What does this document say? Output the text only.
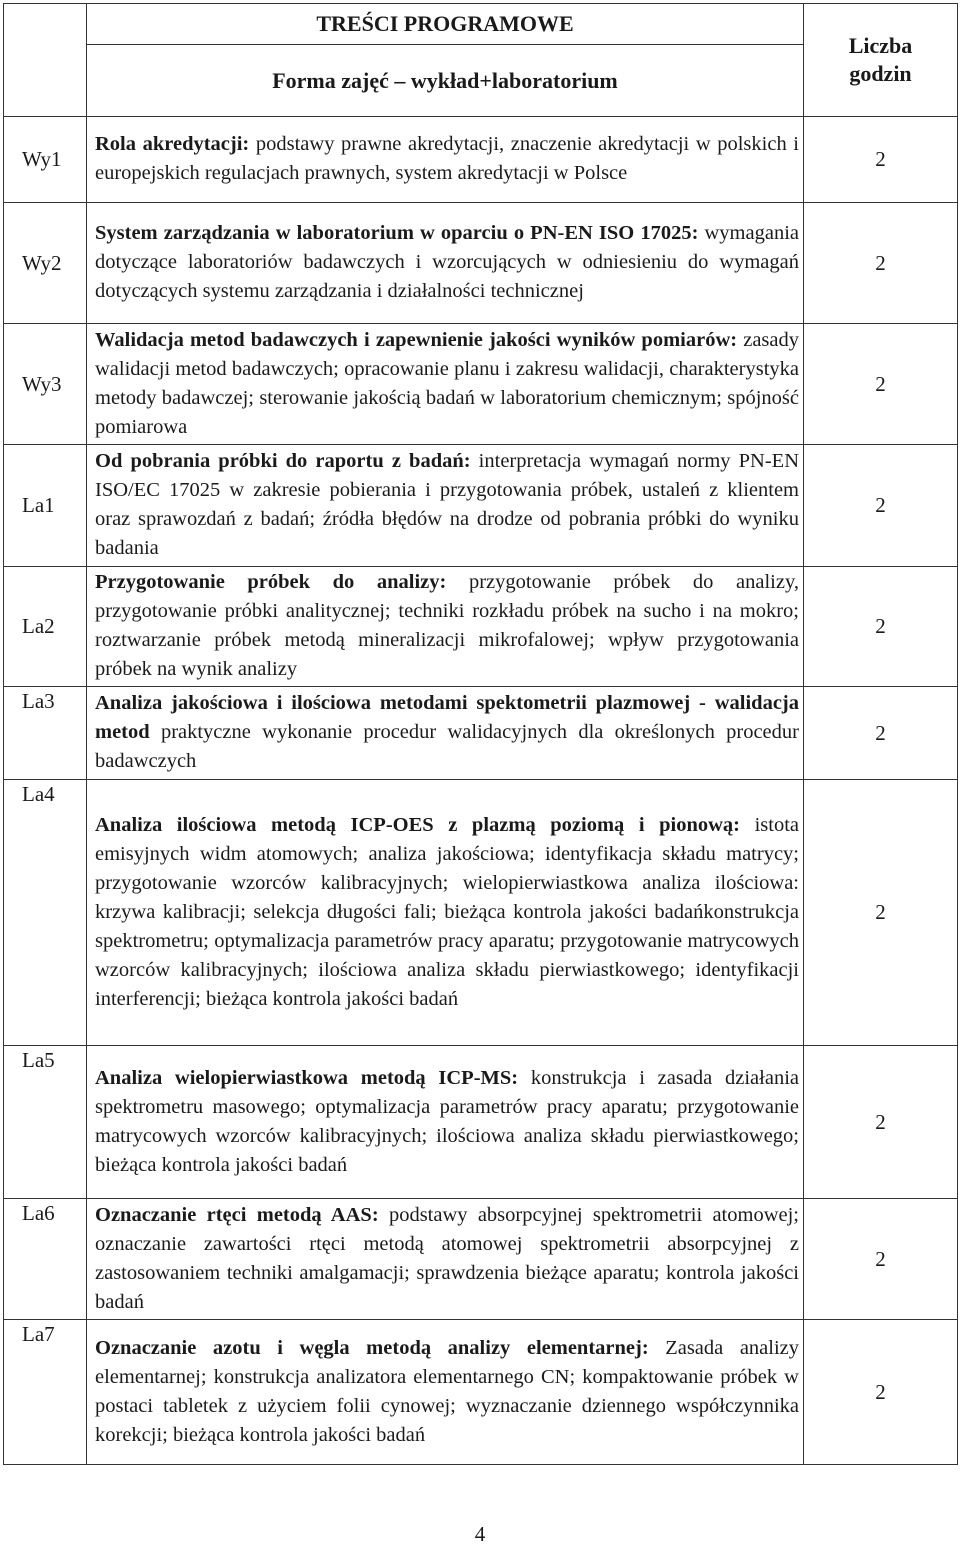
	TREŚCI PROGRAMOWE	Liczba
godzin

	Forma zajęć – wykład+laboratorium	
Wy1	Rola akredytacji: podstawy prawne akredytacji, znaczenie akredytacji w polskich i europejskich regulacjach prawnych, system akredytacji w Polsce	2
Wy2	System zarządzania w laboratorium w oparciu o PN-EN ISO 17025: wymagania dotyczące laboratoriów badawczych i wzorcujących w odniesieniu do wymagań dotyczących systemu zarządzania i działalności technicznej	2
Wy3	Walidacja metod badawczych i zapewnienie jakości wyników pomiarów: zasady walidacji metod badawczych; opracowanie planu i zakresu walidacji, charakterystyka metody badawczej; sterowanie jakością badań w laboratorium chemicznym; spójność pomiarowa	2
La1	Od pobrania próbki do raportu z badań: interpretacja wymagań normy PN-EN ISO/EC 17025 w zakresie pobierania i przygotowania próbek, ustaleń z klientem oraz sprawozdań z badań; źródła błędów na drodze od pobrania próbki do wyniku badania	2
La2	Przygotowanie próbek do analizy: przygotowanie próbek do analizy, przygotowanie próbki analitycznej; techniki rozkładu próbek na sucho i na mokro; roztwarzanie próbek metodą mineralizacji mikrofalowej; wpływ przygotowania próbek na wynik analizy	2
La3	Analiza jakościowa i ilościowa metodami spektometrii plazmowej - walidacja metod praktyczne wykonanie procedur walidacyjnych dla określonych procedur badawczych	2
La4	Analiza ilościowa metodą ICP-OES z plazmą poziomą i pionową: istota emisyjnych widm atomowych; analiza jakościowa; identyfikacja składu matrycy; przygotowanie wzorców kalibracyjnych; wielopierwiastkowa analiza ilościowa: krzywa kalibracji; selekcja długości fali; bieżąca kontrola jakości badańkonstrukcja spektrometru; optymalizacja parametrów pracy aparatu; przygotowanie matrycowych wzorców kalibracyjnych; ilościowa analiza składu pierwiastkowego; identyfikacji interferencji; bieżąca kontrola jakości badań	2
La5	Analiza wielopierwiastkowa metodą ICP-MS: konstrukcja i zasada działania spektrometru masowego; optymalizacja parametrów pracy aparatu; przygotowanie matrycowych wzorców kalibracyjnych; ilościowa analiza składu pierwiastkowego; bieżąca kontrola jakości badań	2
La6	Oznaczanie rtęci metodą AAS: podstawy absorpcyjnej spektrometrii atomowej; oznaczanie zawartości rtęci metodą atomowej spektrometrii absorpcyjnej z zastosowaniem techniki amalgamacji; sprawdzenia bieżące aparatu; kontrola jakości badań	2
La7	Oznaczanie azotu i węgla metodą analizy elementarnej: Zasada analizy elementarnej; konstrukcja analizatora elementarnego CN; kompaktowanie próbek w postaci tabletek z użyciem folii cynowej; wyznaczanie dziennego współczynnika korekcji; bieżąca kontrola jakości badań	2
4
